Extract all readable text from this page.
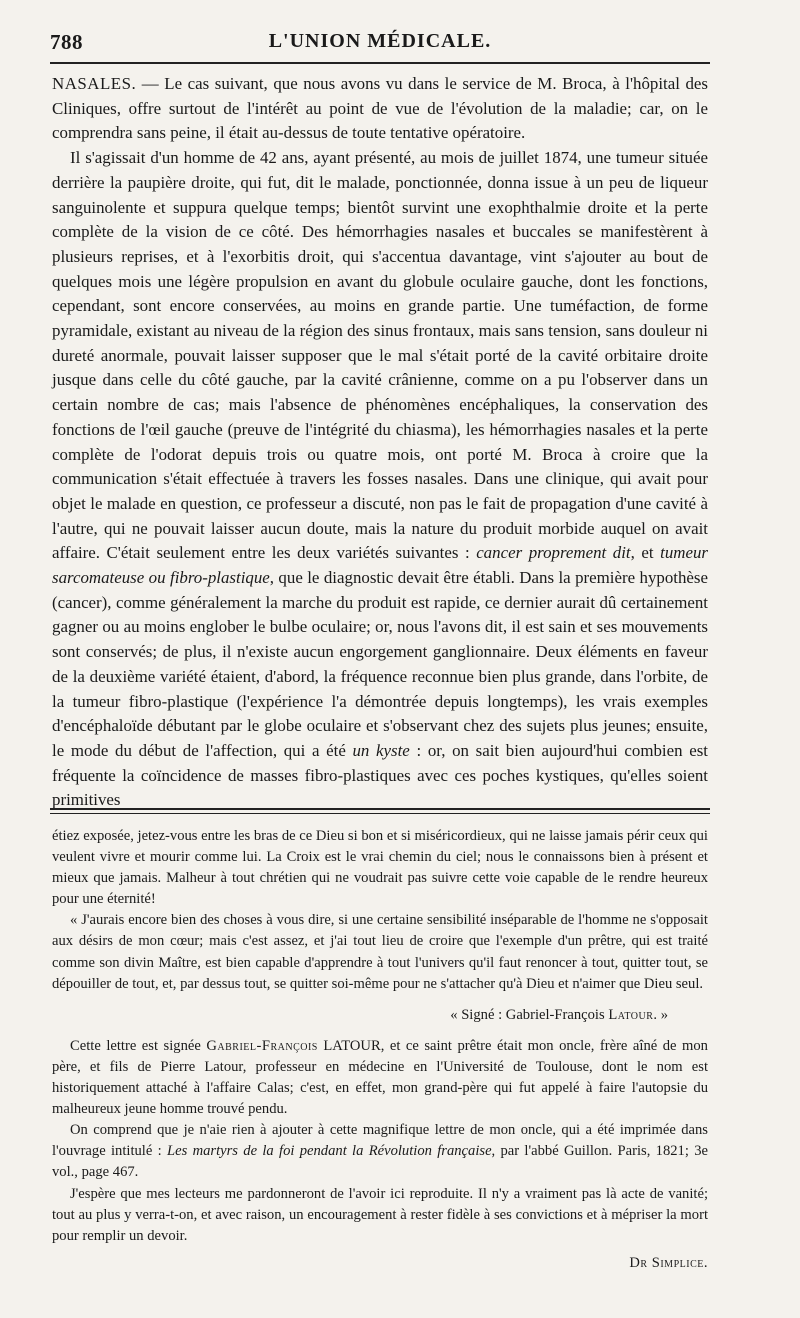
788	L'UNION MÉDICALE.

NASALES. — Le cas suivant, que nous avons vu dans le service de M. Broca, à l'hôpital des Cliniques, offre surtout de l'intérêt au point de vue de l'évolution de la maladie; car, on le comprendra sans peine, il était au-dessus de toute tentative opératoire.

Il s'agissait d'un homme de 42 ans, ayant présenté, au mois de juillet 1874, une tumeur située derrière la paupière droite, qui fut, dit le malade, ponctionnée, donna issue à un peu de liqueur sanguinolente et suppura quelque temps; bientôt survint une exophthalmie droite et la perte complète de la vision de ce côté. Des hémorrhagies nasales et buccales se manifestèrent à plusieurs reprises, et à l'exorbitis droit, qui s'accentua davantage, vint s'ajouter au bout de quelques mois une légère propulsion en avant du globule oculaire gauche, dont les fonctions, cependant, sont encore conservées, au moins en grande partie. Une tuméfaction, de forme pyramidale, existant au niveau de la région des sinus frontaux, mais sans tension, sans douleur ni dureté anormale, pouvait laisser supposer que le mal s'était porté de la cavité orbitaire droite jusque dans celle du côté gauche, par la cavité crânienne, comme on a pu l'observer dans un certain nombre de cas; mais l'absence de phénomènes encéphaliques, la conservation des fonctions de l'œil gauche (preuve de l'intégrité du chiasma), les hémorrhagies nasales et la perte complète de l'odorat depuis trois ou quatre mois, ont porté M. Broca à croire que la communication s'était effectuée à travers les fosses nasales. Dans une clinique, qui avait pour objet le malade en question, ce professeur a discuté, non pas le fait de propagation d'une cavité à l'autre, qui ne pouvait laisser aucun doute, mais la nature du produit morbide auquel on avait affaire. C'était seulement entre les deux variétés suivantes : cancer proprement dit, et tumeur sarcomateuse ou fibro-plastique, que le diagnostic devait être établi. Dans la première hypothèse (cancer), comme généralement la marche du produit est rapide, ce dernier aurait dû certainement gagner ou au moins englober le bulbe oculaire; or, nous l'avons dit, il est sain et ses mouvements sont conservés; de plus, il n'existe aucun engorgement ganglionnaire. Deux éléments en faveur de la deuxième variété étaient, d'abord, la fréquence reconnue bien plus grande, dans l'orbite, de la tumeur fibro-plastique (l'expérience l'a démontrée depuis longtemps), les vrais exemples d'encéphaloïde débutant par le globe oculaire et s'observant chez des sujets plus jeunes; ensuite, le mode du début de l'affection, qui a été un kyste : or, on sait bien aujourd'hui combien est fréquente la coïncidence de masses fibro-plastiques avec ces poches kystiques, qu'elles soient primitives

étiez exposée, jetez-vous entre les bras de ce Dieu si bon et si miséricordieux, qui ne laisse jamais périr ceux qui veulent vivre et mourir comme lui. La Croix est le vrai chemin du ciel; nous le connaissons bien à présent et mieux que jamais. Malheur à tout chrétien qui ne voudrait pas suivre cette voie capable de le rendre heureux pour une éternité!

« J'aurais encore bien des choses à vous dire, si une certaine sensibilité inséparable de l'homme ne s'opposait aux désirs de mon cœur; mais c'est assez, et j'ai tout lieu de croire que l'exemple d'un prêtre, qui est traité comme son divin Maître, est bien capable d'apprendre à tout l'univers qu'il faut renoncer à tout, quitter tout, se dépouiller de tout, et, par dessus tout, se quitter soi-même pour ne s'attacher qu'à Dieu et n'aimer que Dieu seul.

« Signé : Gabriel-François Latour. »

Cette lettre est signée Gabriel-François LATOUR, et ce saint prêtre était mon oncle, frère aîné de mon père, et fils de Pierre Latour, professeur en médecine en l'Université de Toulouse, dont le nom est historiquement attaché à l'affaire Calas; c'est, en effet, mon grand-père qui fut appelé à faire l'autopsie du malheureux jeune homme trouvé pendu.

On comprend que je n'aie rien à ajouter à cette magnifique lettre de mon oncle, qui a été imprimée dans l'ouvrage intitulé : Les martyrs de la foi pendant la Révolution française, par l'abbé Guillon. Paris, 1821; 3e vol., page 467.

J'espère que mes lecteurs me pardonneront de l'avoir ici reproduite. Il n'y a vraiment pas là acte de vanité; tout au plus y verra-t-on, et avec raison, un encouragement à rester fidèle à ses convictions et à mépriser la mort pour remplir un devoir.

Dr Simplice.
